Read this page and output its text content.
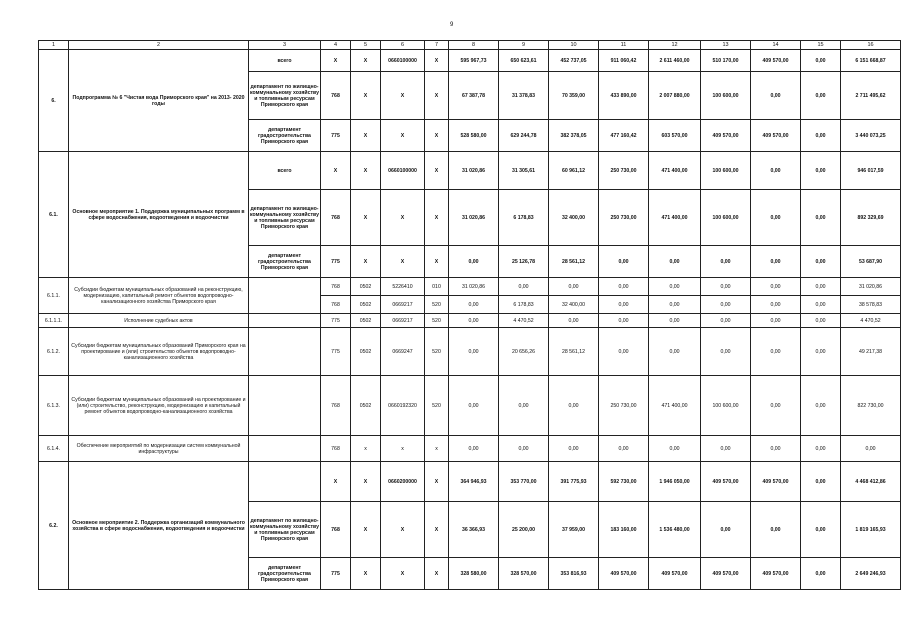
9
1	2	3	4	5	6	7	8	9	10	11	12	13	14	15	16
6.	Подпрограмма № 6 "Чистая вода Приморского края" на 2013- 2020 годы	всего	X	X	0660100000	X	595 967,73	650 623,61	452 737,05	911 060,42	2 611 460,00	510 170,00	409 570,00	0,00	6 151 668,87
		департамент по жилищно-коммунальному хозяйству и топливным ресурсам Приморского края	768	X	X	X	67 387,78	31 378,83	70 359,00	433 890,00	2 007 880,00	100 600,00	0,00	0,00	2 711 495,62
		департамент градостроительства Приморского края	775	X	X	X	528 580,00	629 244,78	382 378,05	477 160,42	603 570,00	409 570,00	409 570,00	0,00	3 440 073,25
6.1.	Основное мероприятие 1. Поддержка муниципальных программ в сфере водоснабжения, водоотведения и водоочистки	всего	X	X	0660100000	X	31 020,86	31 305,61	60 961,12	250 730,00	471 400,00	100 600,00	0,00	0,00	946 017,59
		департамент по жилищно-коммунальному хозяйству и топливным ресурсам Приморского края	768	X	X	X	31 020,86	6 178,83	32 400,00	250 730,00	471 400,00	100 600,00	0,00	0,00	892 329,69
		департамент градостроительства Приморского края	775	X	X	X	0,00	25 126,78	28 561,12	0,00	0,00	0,00	0,00	0,00	53 687,90
6.1.1.	Субсидии бюджетам муниципальных образований на реконструкцию, модернизацию, капитальный ремонт объектов водопроводно-канализационного хозяйства Приморского края		768	0502	5226410	010	31 020,86	0,00	0,00	0,00	0,00	0,00	0,00	0,00	31 020,86
			768	0502	0669217	520	0,00	6 178,83	32 400,00	0,00	0,00	0,00	0,00	0,00	38 578,83
6.1.1.1.	Исполнение судебных актов		775	0502	0669217	520	0,00	4 470,52	0,00	0,00	0,00	0,00	0,00	0,00	4 470,52
6.1.2.	Субсидии бюджетам муниципальных образований Приморского края на проектирование и (или) строительство объектов водопроводно-канализационного хозяйства		775	0502	0669247	520	0,00	20 656,26	28 561,12	0,00	0,00	0,00	0,00	0,00	49 217,38
6.1.3.	Субсидии бюджетам муниципальных образований на проектирование и (или) строительство, реконструкцию, модернизацию и капитальный ремонт объектов водопроводно-канализационного хозяйства		768	0502	0660192320	520	0,00	0,00	0,00	250 730,00	471 400,00	100 600,00	0,00	0,00	822 730,00
6.1.4.	Обеспечение мероприятий по модернизации систем коммунальной инфраструктуры		768	x	x	x	0,00	0,00	0,00	0,00	0,00	0,00	0,00	0,00	0,00
6.2.	Основное мероприятие 2. Поддержка организаций коммунального хозяйства в сфере водоснабжения, водоотведения и водоочистки		X	X	0660200000	X	364 946,93	353 770,00	391 775,93	592 730,00	1 946 050,00	409 570,00	409 570,00	0,00	4 468 412,86
		департамент по жилищно-коммунальному хозяйству и топливным ресурсам Приморского края	768	X	X	X	36 366,93	25 200,00	37 959,00	183 160,00	1 536 480,00	0,00	0,00	0,00	1 819 165,93
		департамент градостроительства Приморского края	775	X	X	X	328 580,00	328 570,00	353 816,93	409 570,00	409 570,00	409 570,00	409 570,00	0,00	2 649 246,93
